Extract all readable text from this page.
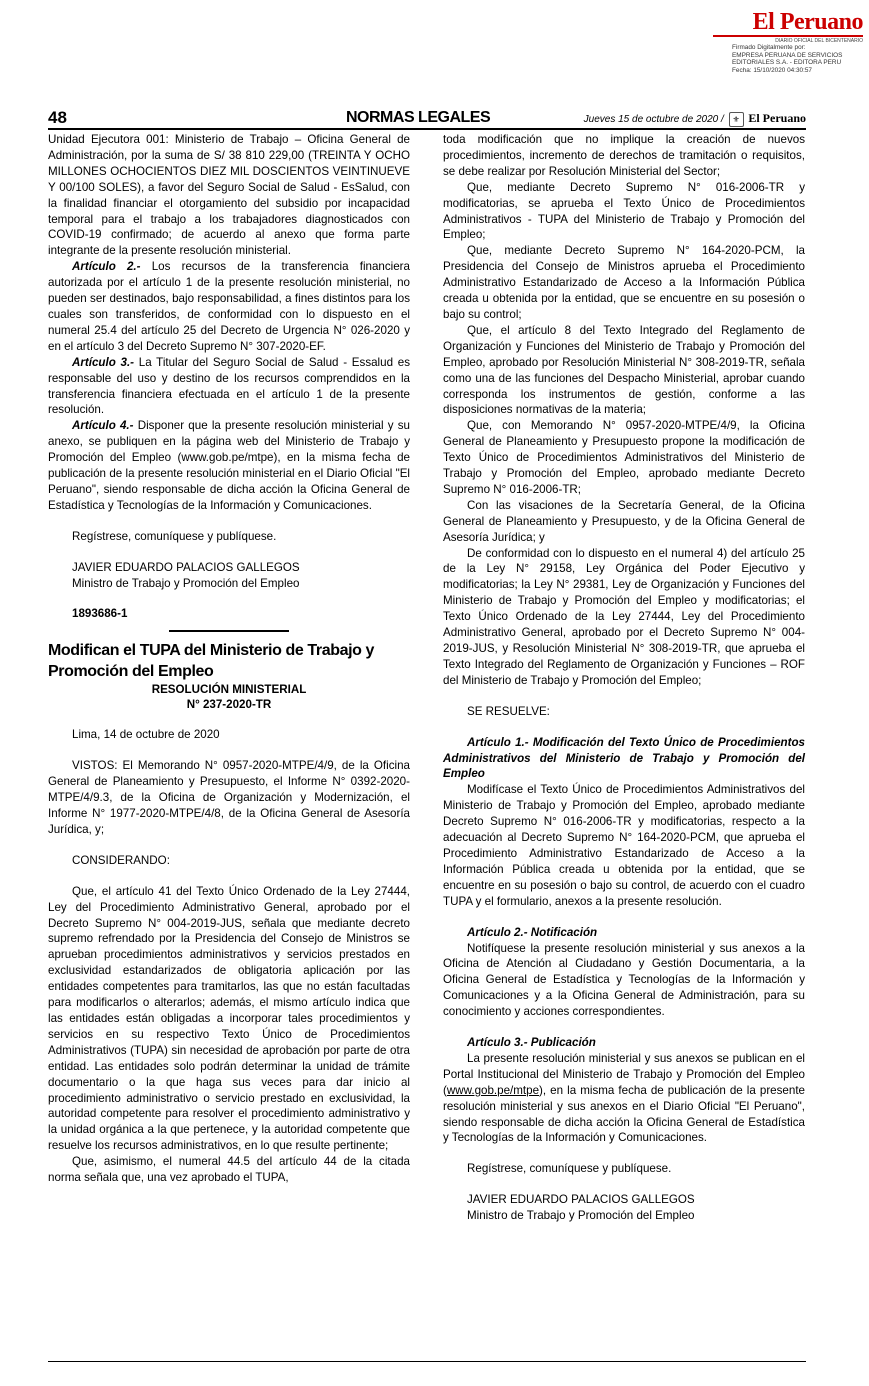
El Peruano
DIARIO OFICIAL DEL BICENTENARIO
Firmado Digitalmente por:
EMPRESA PERUANA DE SERVICIOS
EDITORIALES S.A. - EDITORA PERU
Fecha: 15/10/2020 04:30:57
48	NORMAS LEGALES	Jueves 15 de octubre de 2020 / ⚜ El Peruano

Unidad Ejecutora 001: Ministerio de Trabajo – Oficina General de Administración, por la suma de S/ 38 810 229,00 (TREINTA Y OCHO MILLONES OCHOCIENTOS DIEZ MIL DOSCIENTOS VEINTINUEVE Y 00/100 SOLES), a favor del Seguro Social de Salud - EsSalud, con la finalidad financiar el otorgamiento del subsidio por incapacidad temporal para el trabajo a los trabajadores diagnosticados con COVID-19 confirmado; de acuerdo al anexo que forma parte integrante de la presente resolución ministerial.

Artículo 2.- Los recursos de la transferencia financiera autorizada por el artículo 1 de la presente resolución ministerial, no pueden ser destinados, bajo responsabilidad, a fines distintos para los cuales son transferidos, de conformidad con lo dispuesto en el numeral 25.4 del artículo 25 del Decreto de Urgencia N° 026-2020 y en el artículo 3 del Decreto Supremo N° 307-2020-EF.

Artículo 3.- La Titular del Seguro Social de Salud - Essalud es responsable del uso y destino de los recursos comprendidos en la transferencia financiera efectuada en el artículo 1 de la presente resolución.

Artículo 4.- Disponer que la presente resolución ministerial y su anexo, se publiquen en la página web del Ministerio de Trabajo y Promoción del Empleo (www.gob.pe/mtpe), en la misma fecha de publicación de la presente resolución ministerial en el Diario Oficial "El Peruano", siendo responsable de dicha acción la Oficina General de Estadística y Tecnologías de la Información y Comunicaciones.

Regístrese, comuníquese y publíquese.

JAVIER EDUARDO PALACIOS GALLEGOS

Ministro de Trabajo y Promoción del Empleo

1893686-1

Modifican el TUPA del Ministerio de Trabajo y Promoción del Empleo

RESOLUCIÓN MINISTERIAL

N° 237-2020-TR

Lima, 14 de octubre de 2020

VISTOS: El Memorando N° 0957-2020-MTPE/4/9, de la Oficina General de Planeamiento y Presupuesto, el Informe N° 0392-2020-MTPE/4/9.3, de la Oficina de Organización y Modernización, el Informe N° 1977-2020-MTPE/4/8, de la Oficina General de Asesoría Jurídica, y;

CONSIDERANDO:

Que, el artículo 41 del Texto Único Ordenado de la Ley 27444, Ley del Procedimiento Administrativo General, aprobado por el Decreto Supremo N° 004-2019-JUS, señala que mediante decreto supremo refrendado por la Presidencia del Consejo de Ministros se aprueban procedimientos administrativos y servicios prestados en exclusividad estandarizados de obligatoria aplicación por las entidades competentes para tramitarlos, las que no están facultadas para modificarlos o alterarlos; además, el mismo artículo indica que las entidades están obligadas a incorporar tales procedimientos y servicios en su respectivo Texto Único de Procedimientos Administrativos (TUPA) sin necesidad de aprobación por parte de otra entidad. Las entidades solo podrán determinar la unidad de trámite documentario o la que haga sus veces para dar inicio al procedimiento administrativo o servicio prestado en exclusividad, la autoridad competente para resolver el procedimiento administrativo y la unidad orgánica a la que pertenece, y la autoridad competente que resuelve los recursos administrativos, en lo que resulte pertinente;

Que, asimismo, el numeral 44.5 del artículo 44 de la citada norma señala que, una vez aprobado el TUPA,

toda modificación que no implique la creación de nuevos procedimientos, incremento de derechos de tramitación o requisitos, se debe realizar por Resolución Ministerial del Sector;

Que, mediante Decreto Supremo N° 016-2006-TR y modificatorias, se aprueba el Texto Único de Procedimientos Administrativos - TUPA del Ministerio de Trabajo y Promoción del Empleo;

Que, mediante Decreto Supremo N° 164-2020-PCM, la Presidencia del Consejo de Ministros aprueba el Procedimiento Administrativo Estandarizado de Acceso a la Información Pública creada u obtenida por la entidad, que se encuentre en su posesión o bajo su control;

Que, el artículo 8 del Texto Integrado del Reglamento de Organización y Funciones del Ministerio de Trabajo y Promoción del Empleo, aprobado por Resolución Ministerial N° 308-2019-TR, señala como una de las funciones del Despacho Ministerial, aprobar cuando corresponda los instrumentos de gestión, conforme a las disposiciones normativas de la materia;

Que, con Memorando N° 0957-2020-MTPE/4/9, la Oficina General de Planeamiento y Presupuesto propone la modificación de Texto Único de Procedimientos Administrativos del Ministerio de Trabajo y Promoción del Empleo, aprobado mediante Decreto Supremo N° 016-2006-TR;

Con las visaciones de la Secretaría General, de la Oficina General de Planeamiento y Presupuesto, y de la Oficina General de Asesoría Jurídica; y

De conformidad con lo dispuesto en el numeral 4) del artículo 25 de la Ley N° 29158, Ley Orgánica del Poder Ejecutivo y modificatorias; la Ley N° 29381, Ley de Organización y Funciones del Ministerio de Trabajo y Promoción del Empleo y modificatorias; el Texto Único Ordenado de la Ley 27444, Ley del Procedimiento Administrativo General, aprobado por el Decreto Supremo N° 004-2019-JUS, y Resolución Ministerial N° 308-2019-TR, que aprueba el Texto Integrado del Reglamento de Organización y Funciones – ROF del Ministerio de Trabajo y Promoción del Empleo;

SE RESUELVE:

Artículo 1.- Modificación del Texto Único de Procedimientos Administrativos del Ministerio de Trabajo y Promoción del Empleo

Modifícase el Texto Único de Procedimientos Administrativos del Ministerio de Trabajo y Promoción del Empleo, aprobado mediante Decreto Supremo N° 016-2006-TR y modificatorias, respecto a la adecuación al Decreto Supremo N° 164-2020-PCM, que aprueba el Procedimiento Administrativo Estandarizado de Acceso a la Información Pública creada u obtenida por la entidad, que se encuentre en su posesión o bajo su control, de acuerdo con el cuadro TUPA y el formulario, anexos a la presente resolución.

Artículo 2.- Notificación

Notifíquese la presente resolución ministerial y sus anexos a la Oficina de Atención al Ciudadano y Gestión Documentaria, a la Oficina General de Estadística y Tecnologías de la Información y Comunicaciones y a la Oficina General de Administración, para su conocimiento y acciones correspondientes.

Artículo 3.- Publicación

La presente resolución ministerial y sus anexos se publican en el Portal Institucional del Ministerio de Trabajo y Promoción del Empleo (www.gob.pe/mtpe), en la misma fecha de publicación de la presente resolución ministerial y sus anexos en el Diario Oficial "El Peruano", siendo responsable de dicha acción la Oficina General de Estadística y Tecnologías de la Información y Comunicaciones.

Regístrese, comuníquese y publíquese.

JAVIER EDUARDO PALACIOS GALLEGOS

Ministro de Trabajo y Promoción del Empleo
